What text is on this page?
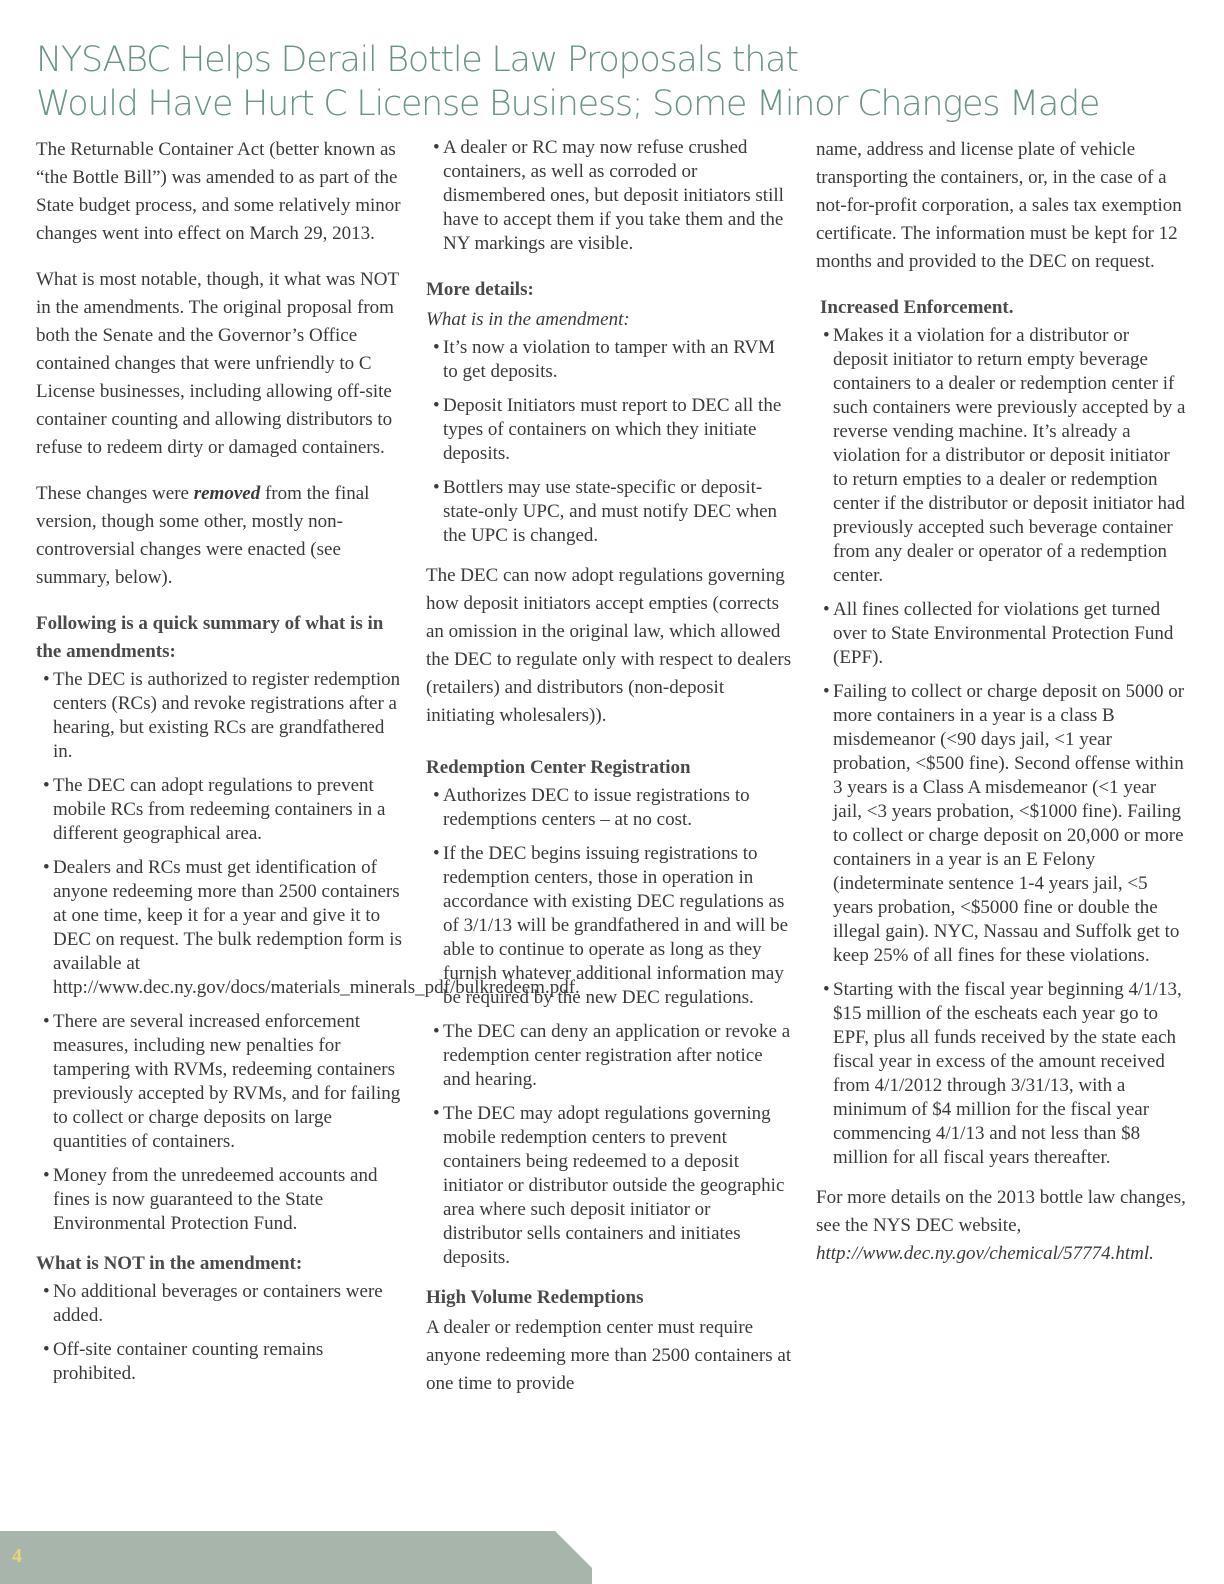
NYSABC Helps Derail Bottle Law Proposals that
Would Have Hurt C License Business; Some Minor Changes Made

The Returnable Container Act (better known as “the Bottle Bill”) was amended to as part of the State budget process, and some relatively minor changes went into effect on March 29, 2013.

What is most notable, though, it what was NOT in the amendments. The original proposal from both the Senate and the Governor’s Office contained changes that were unfriendly to C License businesses, including allowing off-site container counting and allowing distributors to refuse to redeem dirty or damaged containers.

These changes were removed from the final version, though some other, mostly non-controversial changes were enacted (see summary, below).

Following is a quick summary of what is in the amendments:

• The DEC is authorized to register redemption centers (RCs) and revoke registrations after a hearing, but existing RCs are grandfathered in.
• The DEC can adopt regulations to prevent mobile RCs from redeeming containers in a different geographical area.
• Dealers and RCs must get identification of anyone redeeming more than 2500 containers at one time, keep it for a year and give it to DEC on request. The bulk redemption form is available at http://www.dec.ny.gov/docs/materials_minerals_pdf/bulkredeem.pdf.
• There are several increased enforcement measures, including new penalties for tampering with RVMs, redeeming containers previously accepted by RVMs, and for failing to collect or charge deposits on large quantities of containers.
• Money from the unredeemed accounts and fines is now guaranteed to the State Environmental Protection Fund.

What is NOT in the amendment:

• No additional beverages or containers were added.
• Off-site container counting remains prohibited.
• A dealer or RC may now refuse crushed containers, as well as corroded or dismembered ones, but deposit initiators still have to accept them if you take them and the NY markings are visible.

More details:

What is in the amendment:

• It’s now a violation to tamper with an RVM to get deposits.
• Deposit Initiators must report to DEC all the types of containers on which they initiate deposits.
• Bottlers may use state-specific or deposit-state-only UPC, and must notify DEC when the UPC is changed.

The DEC can now adopt regulations governing how deposit initiators accept empties (corrects an omission in the original law, which allowed the DEC to regulate only with respect to dealers (retailers) and distributors (non-deposit initiating wholesalers)).

Redemption Center Registration

• Authorizes DEC to issue registrations to redemptions centers – at no cost.
• If the DEC begins issuing registrations to redemption centers, those in operation in accordance with existing DEC regulations as of 3/1/13 will be grandfathered in and will be able to continue to operate as long as they furnish whatever additional information may be required by the new DEC regulations.
• The DEC can deny an application or revoke a redemption center registration after notice and hearing.
• The DEC may adopt regulations governing mobile redemption centers to prevent containers being redeemed to a deposit initiator or distributor outside the geographic area where such deposit initiator or distributor sells containers and initiates deposits.

High Volume Redemptions

A dealer or redemption center must require anyone redeeming more than 2500 containers at one time to provide

name, address and license plate of vehicle transporting the containers, or, in the case of a not-for-profit corporation, a sales tax exemption certificate. The information must be kept for 12 months and provided to the DEC on request.

Increased Enforcement.

• Makes it a violation for a distributor or deposit initiator to return empty beverage containers to a dealer or redemption center if such containers were previously accepted by a reverse vending machine. It’s already a violation for a distributor or deposit initiator to return empties to a dealer or redemption center if the distributor or deposit initiator had previously accepted such beverage container from any dealer or operator of a redemption center.
• All fines collected for violations get turned over to State Environmental Protection Fund (EPF).
• Failing to collect or charge deposit on 5000 or more containers in a year is a class B misdemeanor (<90 days jail, <1 year probation, <$500 fine). Second offense within 3 years is a Class A misdemeanor (<1 year jail, <3 years probation, <$1000 fine). Failing to collect or charge deposit on 20,000 or more containers in a year is an E Felony (indeterminate sentence 1-4 years jail, <5 years probation, <$5000 fine or double the illegal gain). NYC, Nassau and Suffolk get to keep 25% of all fines for these violations.
• Starting with the fiscal year beginning 4/1/13, $15 million of the escheats each year go to EPF, plus all funds received by the state each fiscal year in excess of the amount received from 4/1/2012 through 3/31/13, with a minimum of $4 million for the fiscal year commencing 4/1/13 and not less than $8 million for all fiscal years thereafter.

For more details on the 2013 bottle law changes, see the NYS DEC website, http://www.dec.ny.gov/chemical/57774.html.

4
